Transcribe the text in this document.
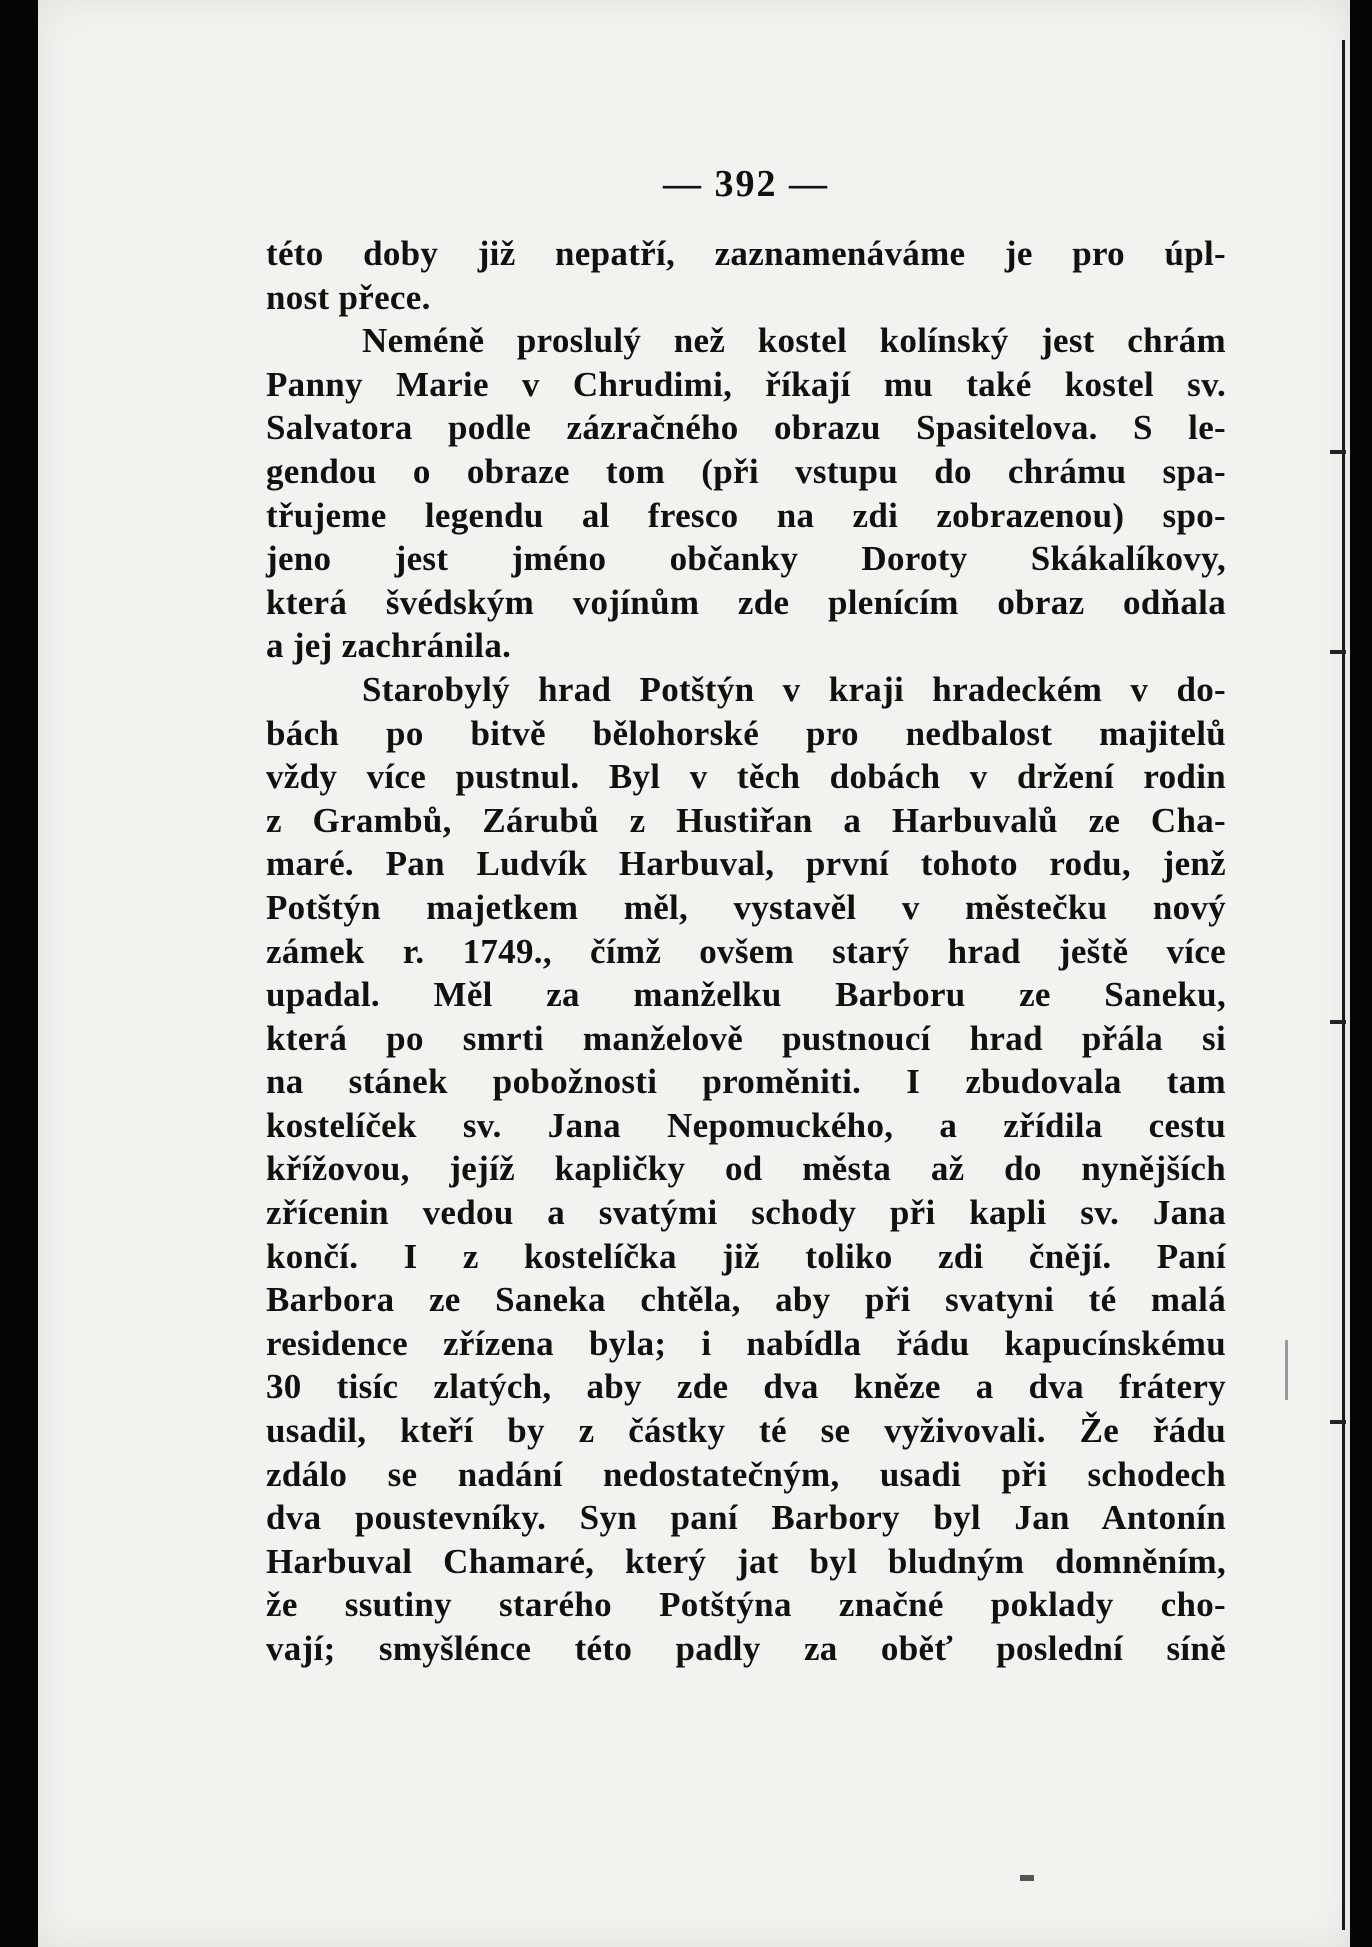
— 392 —
této doby již nepatří, zaznamenáváme je pro úpl-
nost přece.
Neméně proslulý než kostel kolínský jest chrám
Panny Marie v Chrudimi, říkají mu také kostel sv.
Salvatora podle zázračného obrazu Spasitelova. S le-
gendou o obraze tom (při vstupu do chrámu spa-
třujeme legendu al fresco na zdi zobrazenou) spo-
jeno jest jméno občanky Doroty Skákalíkovy,
která švédským vojínům zde plenícím obraz odňala
a jej zachránila.
Starobylý hrad Potštýn v kraji hradeckém v do-
bách po bitvě bělohorské pro nedbalost majitelů
vždy více pustnul. Byl v těch dobách v držení rodin
z Grambů, Zárubů z Hustiřan a Harbuvalů ze Cha-
maré. Pan Ludvík Harbuval, první tohoto rodu, jenž
Potštýn majetkem měl, vystavěl v městečku nový
zámek r. 1749., čímž ovšem starý hrad ještě více
upadal. Měl za manželku Barboru ze Saneku,
která po smrti manželově pustnoucí hrad přála si
na stánek pobožnosti proměniti. I zbudovala tam
kostelíček sv. Jana Nepomuckého, a zřídila cestu
křížovou, jejíž kapličky od města až do nynějších
zřícenin vedou a svatými schody při kapli sv. Jana
končí. I z kostelíčka již toliko zdi čnějí. Paní
Barbora ze Saneka chtěla, aby při svatyni té malá
residence zřízena byla; i nabídla řádu kapucínskému
30 tisíc zlatých, aby zde dva kněze a dva frátery
usadil, kteří by z částky té se vyživovali. Že řádu
zdálo se nadání nedostatečným, usadi při schodech
dva poustevníky. Syn paní Barbory byl Jan Antonín
Harbuval Chamaré, který jat byl bludným domněním,
že ssutiny starého Potštýna značné poklady cho-
vají; smyšlénce této padly za oběť poslední síně
